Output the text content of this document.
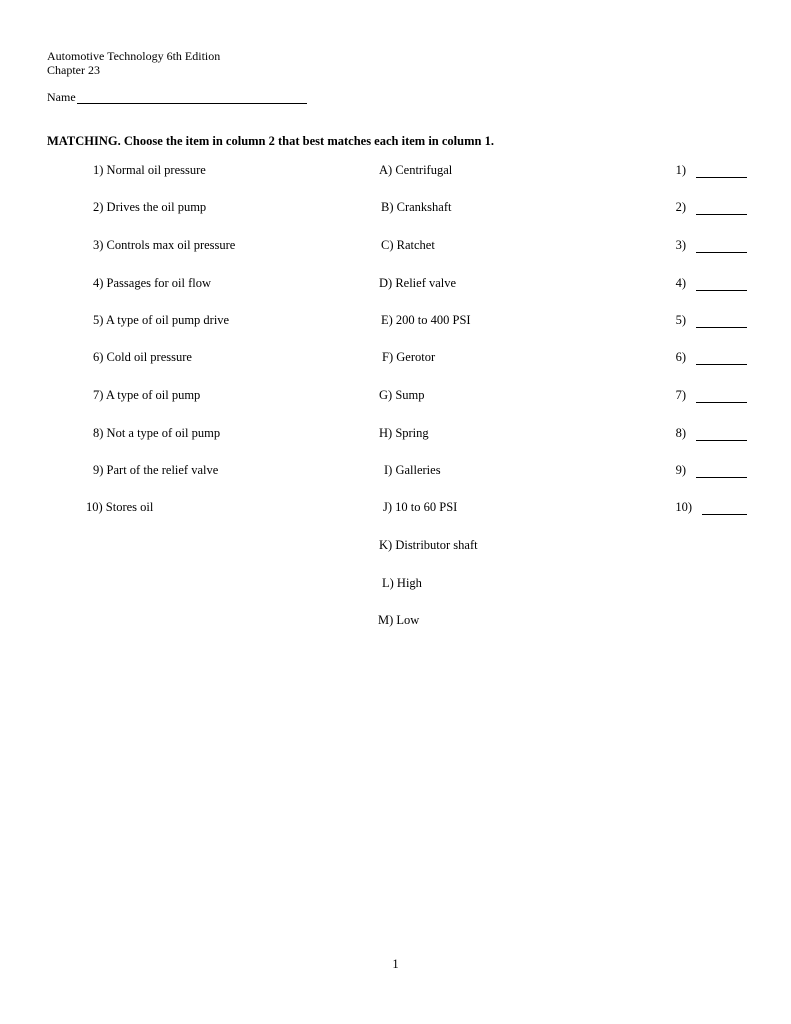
Automotive Technology 6th Edition
Chapter 23
Name
MATCHING. Choose the item in column 2 that best matches each item in column 1.
1) Normal oil pressure
2) Drives the oil pump
3) Controls max oil pressure
4) Passages for oil flow
5) A type of oil pump drive
6) Cold oil pressure
7) A type of oil pump
8) Not a type of oil pump
9) Part of the relief valve
10) Stores oil
A) Centrifugal
B) Crankshaft
C) Ratchet
D) Relief valve
E) 200 to 400 PSI
F) Gerotor
G) Sump
H) Spring
I) Galleries
J) 10 to 60 PSI
K) Distributor shaft
L) High
M) Low
1)
2)
3)
4)
5)
6)
7)
8)
9)
10)
1
